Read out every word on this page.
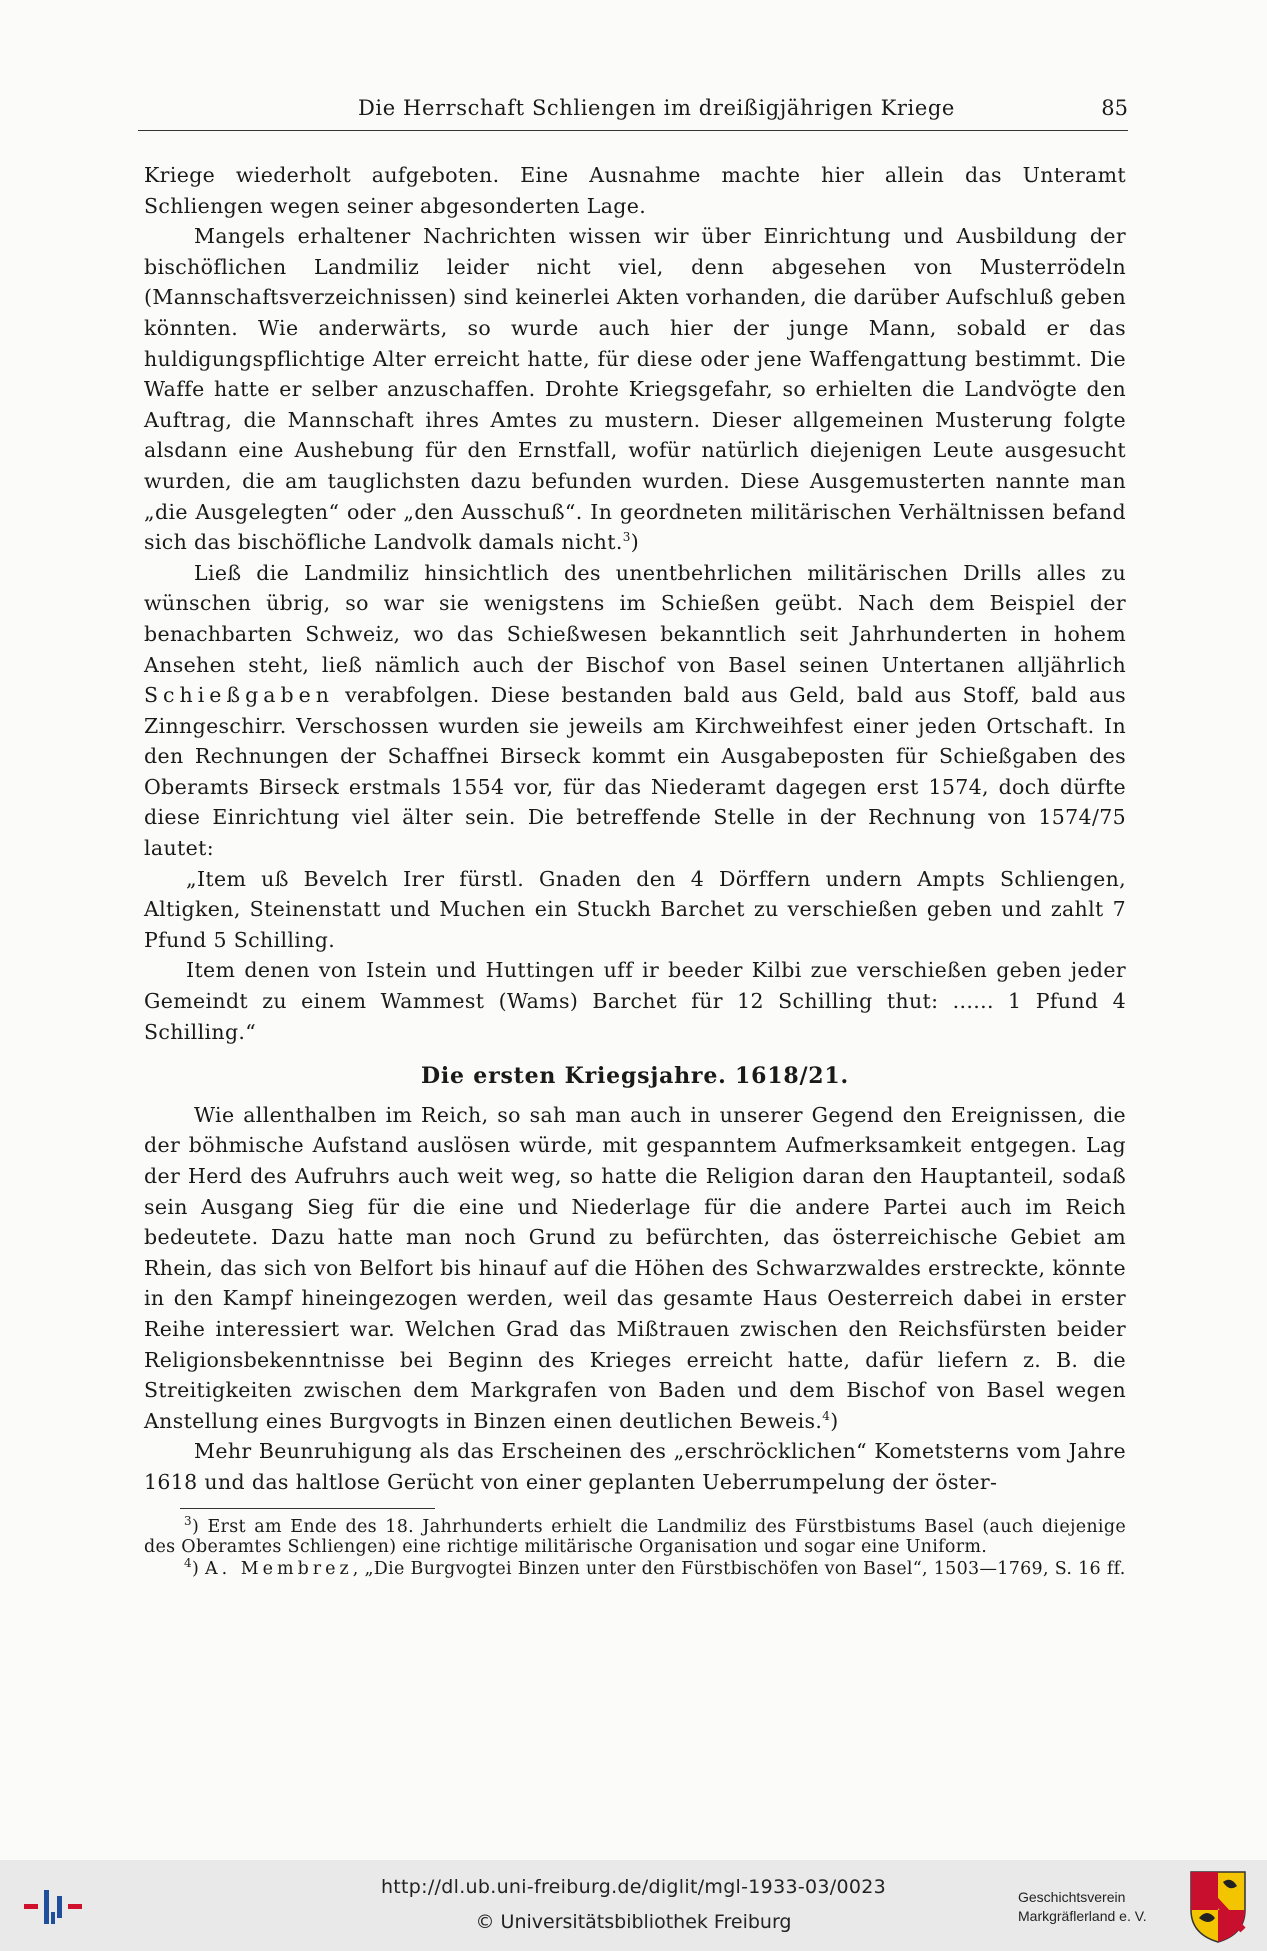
Die Herrschaft Schliengen im dreißigjährigen Kriege	85

Kriege wiederholt aufgeboten. Eine Ausnahme machte hier allein das Unteramt Schliengen wegen seiner abgesonderten Lage.

Mangels erhaltener Nachrichten wissen wir über Einrichtung und Ausbildung der bischöflichen Landmiliz leider nicht viel, denn abgesehen von Musterrödeln (Mannschaftsverzeichnissen) sind keinerlei Akten vorhanden, die darüber Aufschluß geben könnten. Wie anderwärts, so wurde auch hier der junge Mann, sobald er das huldigungspflichtige Alter erreicht hatte, für diese oder jene Waffengattung bestimmt. Die Waffe hatte er selber anzuschaffen. Drohte Kriegsgefahr, so erhielten die Landvögte den Auftrag, die Mannschaft ihres Amtes zu mustern. Dieser allgemeinen Musterung folgte alsdann eine Aushebung für den Ernstfall, wofür natürlich diejenigen Leute ausgesucht wurden, die am tauglichsten dazu befunden wurden. Diese Ausgemusterten nannte man „die Ausgelegten“ oder „den Ausschuß“. In geordneten militärischen Verhältnissen befand sich das bischöfliche Landvolk damals nicht.$^3$)

Ließ die Landmiliz hinsichtlich des unentbehrlichen militärischen Drills alles zu wünschen übrig, so war sie wenigstens im Schießen geübt. Nach dem Beispiel der benachbarten Schweiz, wo das Schießwesen bekanntlich seit Jahrhunderten in hohem Ansehen steht, ließ nämlich auch der Bischof von Basel seinen Untertanen alljährlich Schießgaben verabfolgen. Diese bestanden bald aus Geld, bald aus Stoff, bald aus Zinngeschirr. Verschossen wurden sie jeweils am Kirchweihfest einer jeden Ortschaft. In den Rechnungen der Schaffnei Birseck kommt ein Ausgabeposten für Schießgaben des Oberamts Birseck erstmals 1554 vor, für das Niederamt dagegen erst 1574, doch dürfte diese Einrichtung viel älter sein. Die betreffende Stelle in der Rechnung von 1574/75 lautet:

„Item uß Bevelch Irer fürstl. Gnaden den 4 Dörffern undern Ampts Schliengen, Altigken, Steinenstatt und Muchen ein Stuckh Barchet zu verschießen geben und zahlt 7 Pfund 5 Schilling.

Item denen von Istein und Huttingen uff ir beeder Kilbi zue verschießen geben jeder Gemeindt zu einem Wammest (Wams) Barchet für 12 Schilling thut: ...... 1 Pfund 4 Schilling.“

Die ersten Kriegsjahre. 1618/21.

Wie allenthalben im Reich, so sah man auch in unserer Gegend den Ereignissen, die der böhmische Aufstand auslösen würde, mit gespanntem Aufmerksamkeit entgegen. Lag der Herd des Aufruhrs auch weit weg, so hatte die Religion daran den Hauptanteil, sodaß sein Ausgang Sieg für die eine und Niederlage für die andere Partei auch im Reich bedeutete. Dazu hatte man noch Grund zu befürchten, das österreichische Gebiet am Rhein, das sich von Belfort bis hinauf auf die Höhen des Schwarzwaldes erstreckte, könnte in den Kampf hineingezogen werden, weil das gesamte Haus Oesterreich dabei in erster Reihe interessiert war. Welchen Grad das Mißtrauen zwischen den Reichsfürsten beider Religionsbekenntnisse bei Beginn des Krieges erreicht hatte, dafür liefern z. B. die Streitigkeiten zwischen dem Markgrafen von Baden und dem Bischof von Basel wegen Anstellung eines Burgvogts in Binzen einen deutlichen Beweis.$^4$)

Mehr Beunruhigung als das Erscheinen des „erschröcklichen“ Kometsterns vom Jahre 1618 und das haltlose Gerücht von einer geplanten Ueberrumpelung der öster-

$^3$) Erst am Ende des 18. Jahrhunderts erhielt die Landmiliz des Fürstbistums Basel (auch diejenige des Oberamtes Schliengen) eine richtige militärische Organisation und sogar eine Uniform.

$^4$) A. Membrez, „Die Burgvogtei Binzen unter den Fürstbischöfen von Basel“, 1503—1769, S. 16 ff.

http://dl.ub.uni-freiburg.de/diglit/mgl-1933-03/0023
© Universitätsbibliothek Freiburg
Geschichtsverein
Markgräflerland e. V.
